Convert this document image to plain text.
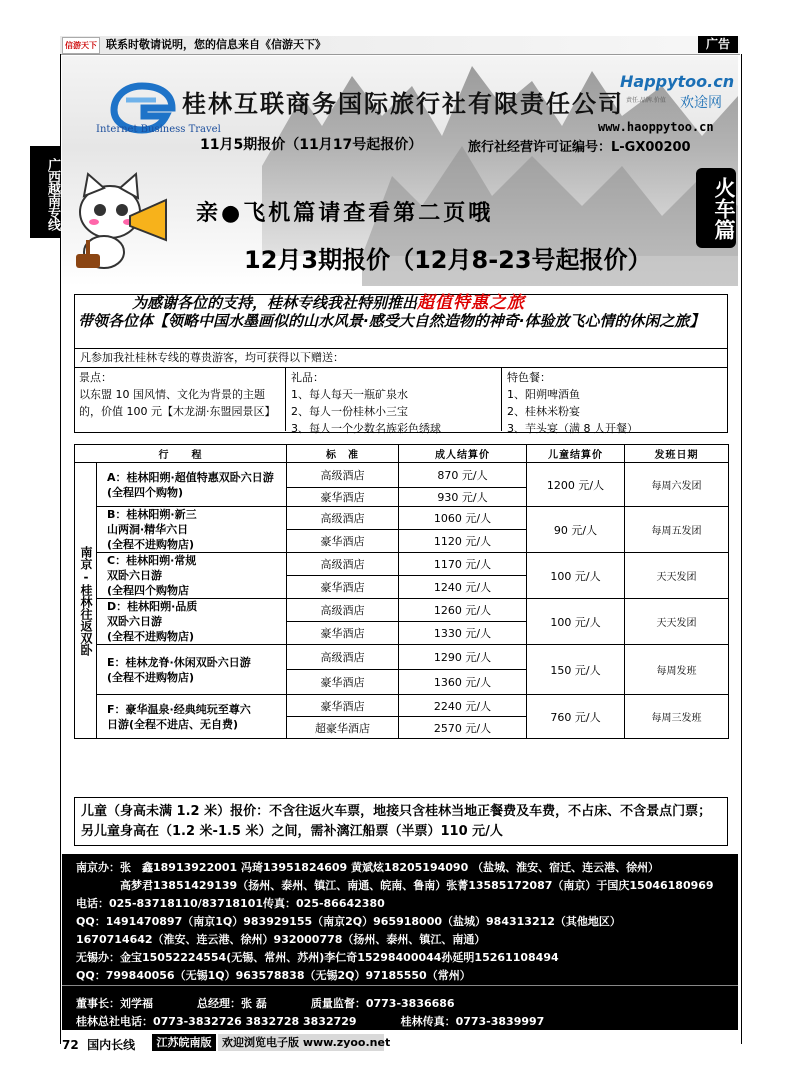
信游天下 联系时敬请说明，您的信息来自《信游天下》	广告
广西越南专线
Internet Business Travel
桂林互联商务国际旅行社有限责任公司
Happytoo.cn
欢途网
责任.品牌.价值
www.haoppytoo.cn
11月5期报价（11月17号起报价）	旅行社经营许可证编号：L-GX00200
亲●飞机篇请查看第二页哦
12月3期报价（12月8-23号起报价）
火车篇
为感谢各位的支持，桂林专线我社特别推出超值特惠之旅
带领各位体【领略中国水墨画似的山水风景·感受大自然造物的神奇·体验放飞心情的休闲之旅】
凡参加我社桂林专线的尊贵游客，均可获得以下赠送：
景点：
以东盟 10 国风情、文化为背景的主题
的，价值 100 元【木龙湖·东盟园景区】
礼品：
1、每人每天一瓶矿泉水
2、每人一份桂林小三宝
3、每人一个少数名族彩色绣球
特色餐：
1、阳朔啤酒鱼
2、桂林米粉宴
3、芋头宴（满 8 人开餐）
行　　程		标　准	成人结算价	儿童结算价	发班日期
南京-桂林往返双卧	A：桂林阳朔·超值特惠双卧六日游
(全程四个购物)	高级酒店	870 元/人	1200 元/人	每周六发团
		豪华酒店	930 元/人		
	B：桂林阳朔·新三
山两洞·精华六日
(全程不进购物店)	高级酒店	1060 元/人	90 元/人	每周五发团
		豪华酒店	1120 元/人		
	C：桂林阳朔·常规
双卧六日游
(全程四个购物店	高级酒店	1170 元/人	100 元/人	天天发团
		豪华酒店	1240 元/人		
	D：桂林阳朔·品质
双卧六日游
(全程不进购物店)	高级酒店	1260 元/人	100 元/人	天天发团
		豪华酒店	1330 元/人		
	E：桂林龙脊·休闲双卧六日游
(全程不进购物店)	高级酒店	1290 元/人	150 元/人	每周发班
		豪华酒店	1360 元/人		
	F：豪华温泉·经典纯玩至尊六
日游(全程不进店、无自费)	豪华酒店	2240 元/人	760 元/人	每周三发班
		超豪华酒店	2570 元/人		
儿童（身高未满 1.2 米）报价：不含往返火车票，地接只含桂林当地正餐费及车费，不占床、不含景点门票；另儿童身高在（1.2 米-1.5 米）之间，需补漓江船票（半票）110 元/人
南京办：张　鑫18913922001 冯琦13951824609 黄斌炫18205194090 （盐城、淮安、宿迁、连云港、徐州）
　　　　高梦君13851429139（扬州、泰州、镇江、南通、皖南、鲁南）张菁13585172087（南京）于国庆15046180969
电话：025-83718110/83718101传真：025-86642380
QQ：1491470897（南京1Q）983929155（南京2Q）965918000（盐城）984313212（其他地区）
1670714642（淮安、连云港、徐州）932000778（扬州、泰州、镇江、南通）
无锡办：金宝15052224554(无锡、常州、苏州)李仁奇15298400044孙延明15261108494
QQ：799840056（无锡1Q）963578838（无锡2Q）97185550（常州）
董事长：刘学福　　　　总经理：张 磊　　　　质量监督：0773-3836686
桂林总社电话：0773-3832726 3832728 3832729　　　　桂林传真：0773-3839997
72 国内长线	江苏皖南版 欢迎浏览电子版 www.zyoo.net
